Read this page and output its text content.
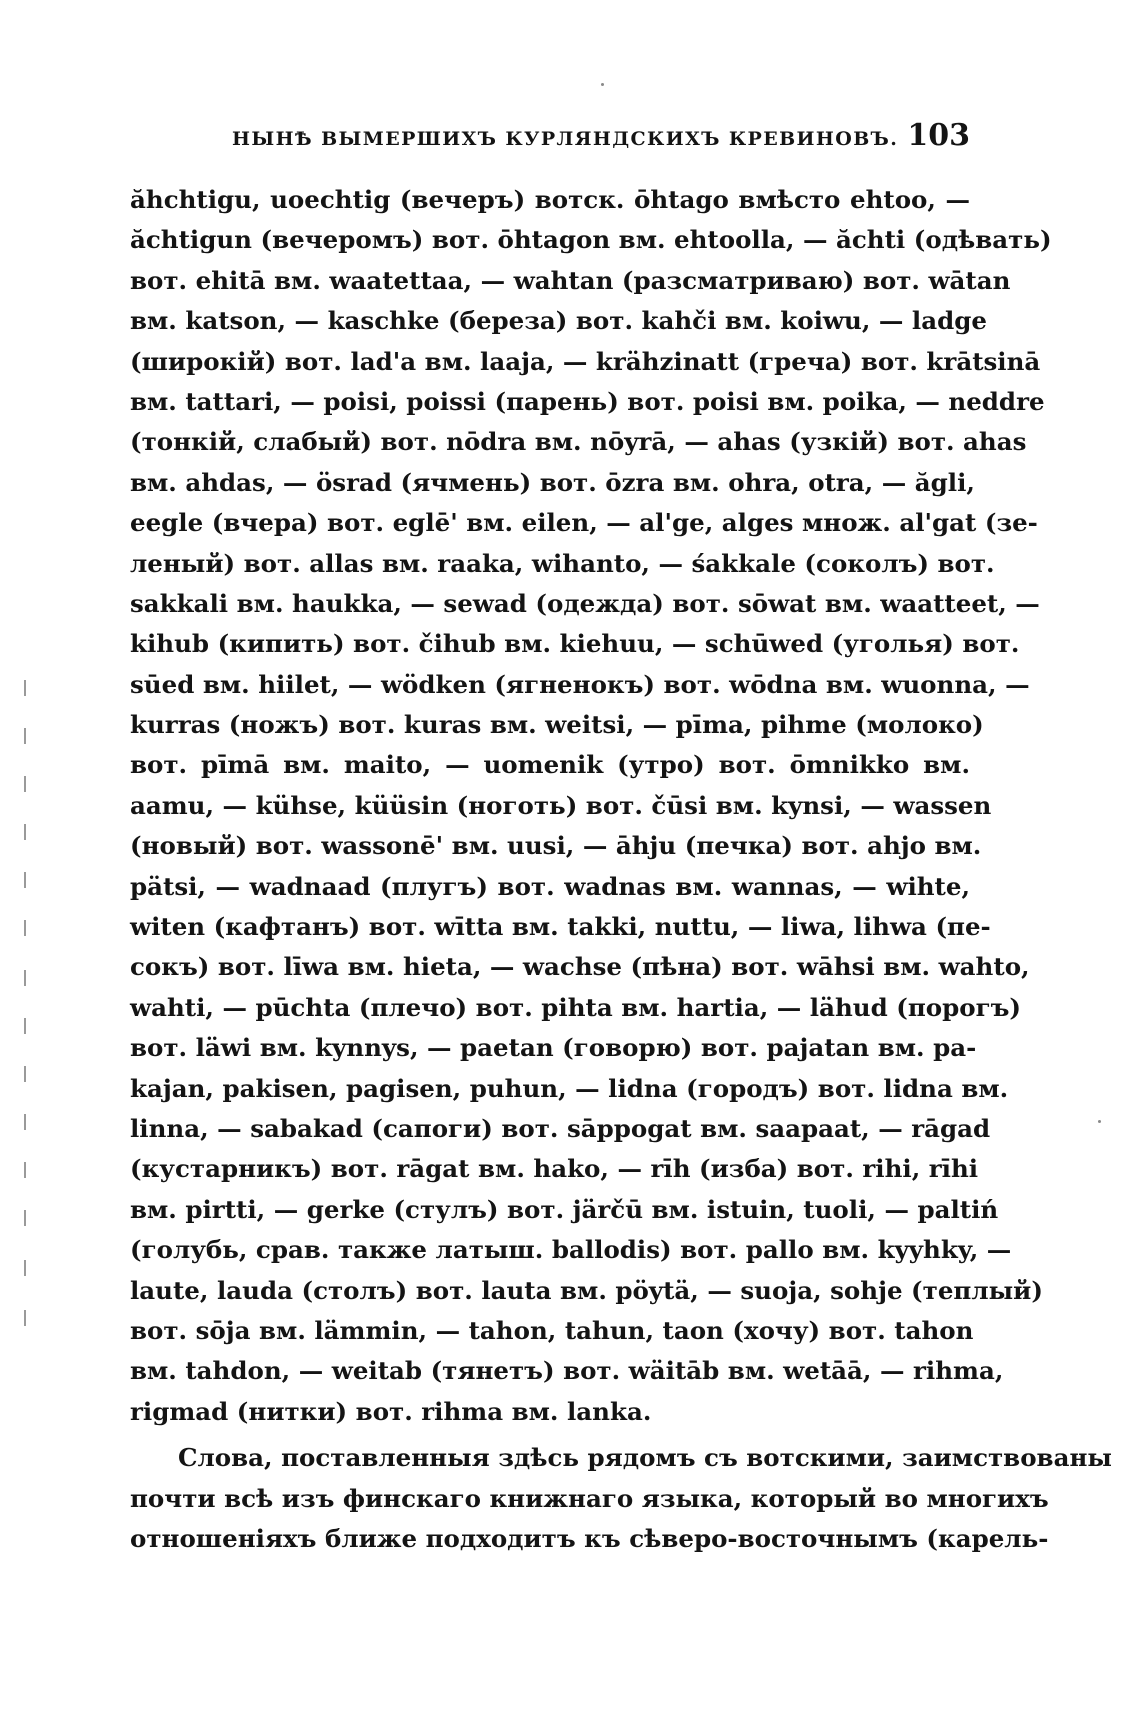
НЫНѢ ВЫМЕРШИХЪ КУРЛЯНДСКИХЪ КРЕВИНОВЪ. 103
ăhchtigu, uoechtig (вечеръ) вотск. ōhtago вмѣсто ehtoo, —
ăchtigun (вечеромъ) вот. ōhtagon вм. ehtoolla, — ăchti (одѣвать)
вот. ehitā вм. waatettaa, — wahtan (разсматриваю) вот. wātan
вм. katson, — kaschke (береза) вот. kahči вм. koiwu, — ladge
(широкій) вот. lad'a вм. laaja, — krähzinatt (греча) вот. krātsinā
вм. tattari, — poisi, poissi (парень) вот. poisi вм. poika, — neddre
(тонкій, слабый) вот. nōdra вм. nōyrā, — ahas (узкій) вот. ahas
вм. ahdas, — ösrad (ячмень) вот. ōzra вм. ohra, otra, — ăgli,
eegle (вчера) вот. eglē' вм. eilen, — al'ge, alges множ. al'gat (зе-
леный) вот. allas вм. raaka, wihanto, — śakkale (соколъ) вот.
sakkali вм. haukka, — sewad (одежда) вот. sōwat вм. waatteet, —
kihub (кипить) вот. čihub вм. kiehuu, — schūwed (уголья) вот.
sūed вм. hiilet, — wödken (ягненокъ) вот. wōdna вм. wuonna, —
kurras (ножъ) вот. kuras вм. weitsi, — pīma, pihme (молоко)
вот. pīmā вм. maito, — uomenik (утро) вот. ōmnikko вм.
aamu, — kühse, küüsin (ноготь) вот. čūsi вм. kynsi, — wassen
(новый) вот. wassonē' вм. uusi, — āhju (печка) вот. ahjo вм.
pätsi, — wadnaad (плугъ) вот. wadnas вм. wannas, — wihte,
witen (кафтанъ) вот. wītta вм. takki, nuttu, — liwa, lihwa (пе-
сокъ) вот. līwa вм. hieta, — wachse (пѣна) вот. wāhsi вм. wahto,
wahti, — pūchta (плечо) вот. pihta вм. hartia, — lähud (порогъ)
вот. läwi вм. kynnys, — paetan (говорю) вот. pajatan вм. pa-
kajan, pakisen, pagisen, puhun, — lidna (городъ) вот. lidna вм.
linna, — sabakad (сапоги) вот. sāppogat вм. saapaat, — rāgad
(кустарникъ) вот. rāgat вм. hako, — rīh (изба) вот. rihi, rīhi
вм. pirtti, — gerke (стулъ) вот. järčū вм. istuin, tuoli, — paltiń
(голубь, срав. также латыш. ballodis) вот. pallo вм. kyyhky, —
laute, lauda (столъ) вот. lauta вм. pöytä, — suoja, sohje (теплый)
вот. sōja вм. lämmin, — tahon, tahun, taon (хочу) вот. tahon
вм. tahdon, — weitab (тянетъ) вот. wäitāb вм. wetāā, — rihma,
rigmad (нитки) вот. rihma вм. lanka.
Слова, поставленныя здѣсь рядомъ съ вотскими, заимствованы
почти всѣ изъ финскаго книжнаго языка, который во многихъ
отношеніяхъ ближе подходитъ къ сѣверо-восточнымъ (карель-
